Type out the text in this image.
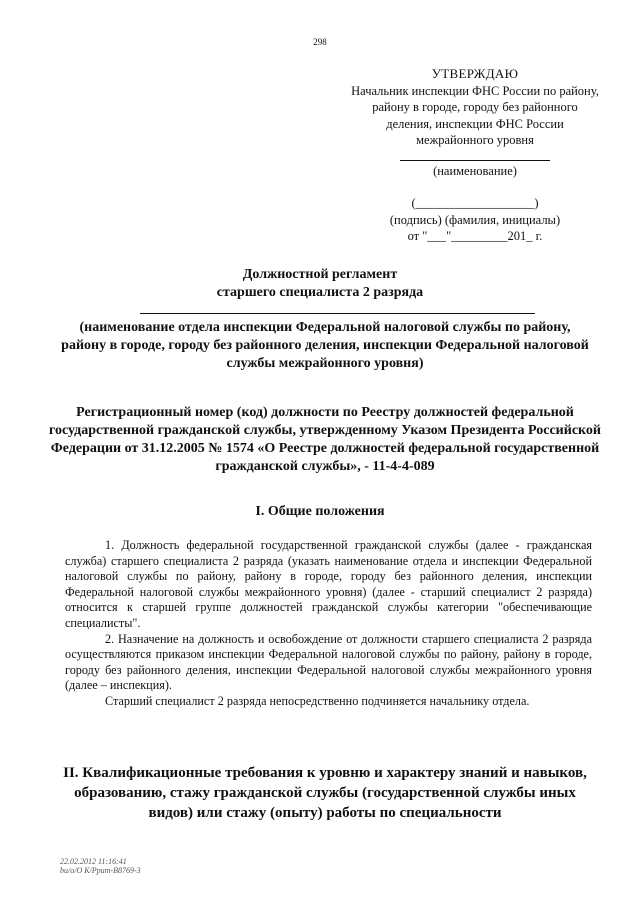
298
УТВЕРЖДАЮ
Начальник инспекции ФНС России по району,
району в городе, городу без районного
деления, инспекции ФНС России
межрайонного уровня
(наименование)
(___________________)
(подпись) (фамилия, инициалы)
от "___"_________201_ г.
Должностной регламент
старшего специалиста 2 разряда
(наименование отдела инспекции Федеральной налоговой службы по району, району в городе, городу без районного деления, инспекции Федеральной налоговой службы межрайонного уровня)
Регистрационный номер (код) должности по Реестру должностей федеральной государственной гражданской службы, утвержденному Указом Президента Российской Федерации от 31.12.2005 № 1574 «О Реестре должностей федеральной государственной гражданской службы», - 11-4-4-089
I. Общие положения

1. Должность федеральной государственной гражданской службы (далее - гражданская служба) старшего специалиста 2 разряда (указать наименование отдела и инспекции Федеральной налоговой службы по району, району в городе, городу без районного деления, инспекции Федеральной налоговой службы межрайонного уровня) (далее - старший специалист 2 разряда) относится к старшей группе должностей гражданской службы категории "обеспечивающие специалисты".

2. Назначение на должность и освобождение от должности старшего специалиста 2 разряда осуществляются приказом инспекции Федеральной налоговой службы по району, району в городе, городу без районного деления, инспекции Федеральной налоговой службы межрайонного уровня (далее – инспекция).

Старший специалист 2 разряда непосредственно подчиняется начальнику отдела.

II. Квалификационные требования к уровню и характеру знаний и навыков, образованию, стажу гражданской службы (государственной службы иных видов) или стажу (опыту) работы по специальности
22.02.2012 11:16:41
bu/o/O К/Ррит-В8769-3
